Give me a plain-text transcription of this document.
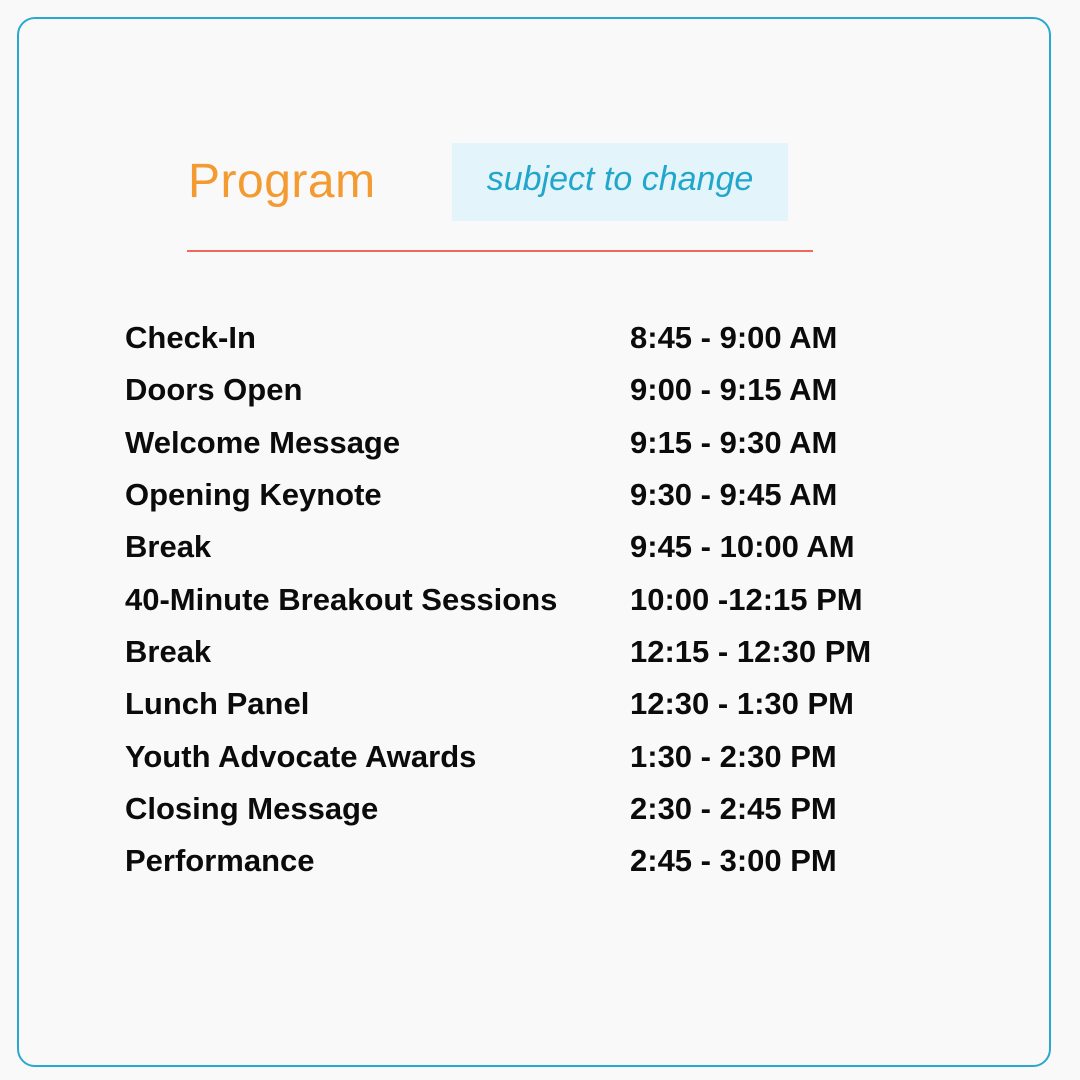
Program	subject to change
Check-In	8:45 - 9:00 AM
Doors Open	9:00 - 9:15 AM
Welcome Message	9:15 - 9:30 AM
Opening Keynote	9:30 - 9:45 AM
Break	9:45 - 10:00 AM
40-Minute Breakout Sessions	10:00 -12:15 PM
Break	12:15 - 12:30 PM
Lunch Panel	12:30 - 1:30 PM
Youth Advocate Awards	1:30 - 2:30 PM
Closing Message	2:30 - 2:45 PM
Performance	2:45 - 3:00 PM
